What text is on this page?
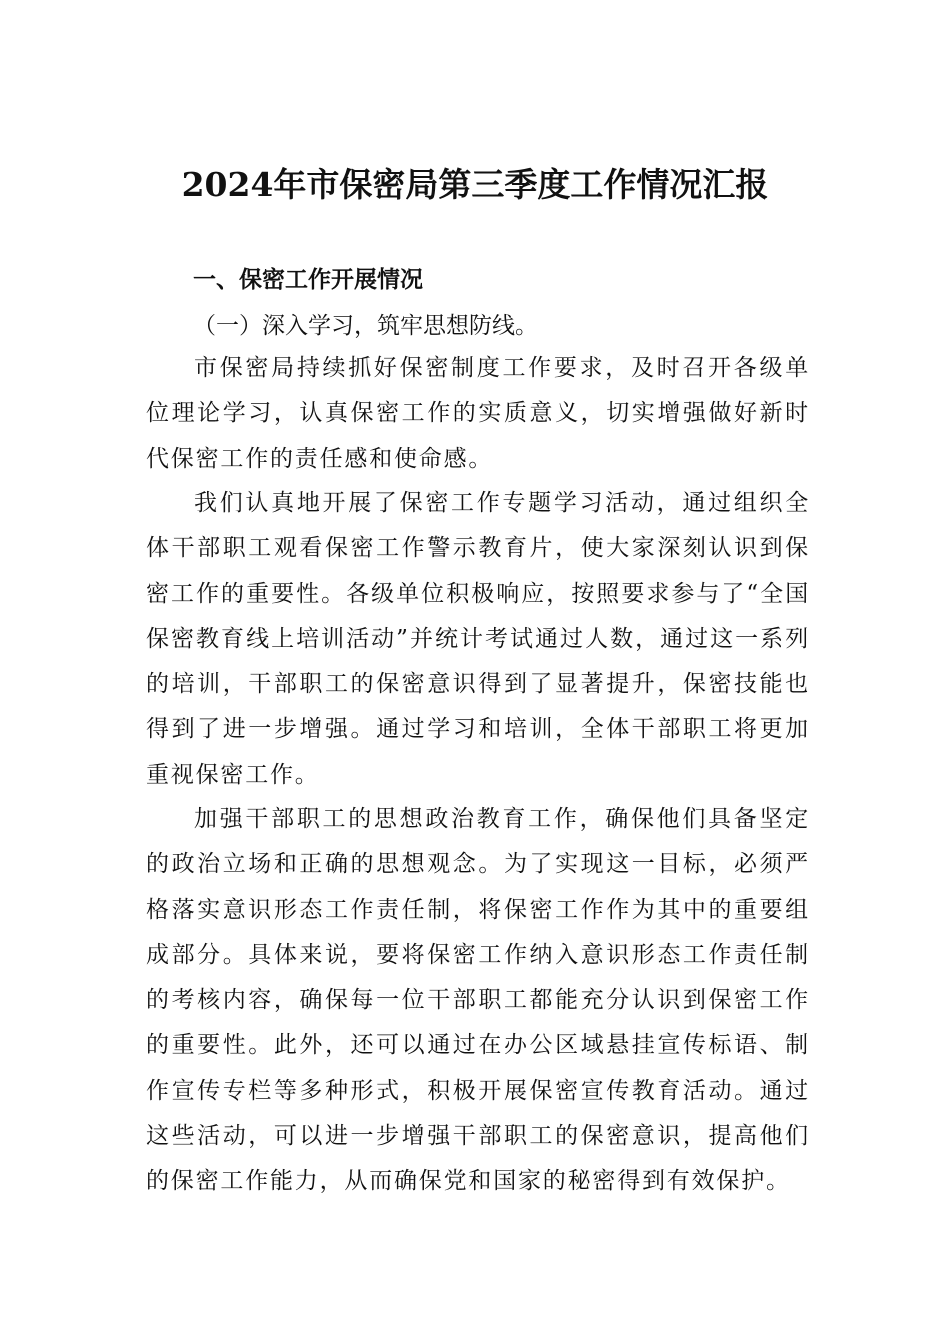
2024年市保密局第三季度工作情况汇报
一、保密工作开展情况
（一）深入学习，筑牢思想防线。

市保密局持续抓好保密制度工作要求，及时召开各级单位理论学习，认真保密工作的实质意义，切实增强做好新时代保密工作的责任感和使命感。

我们认真地开展了保密工作专题学习活动，通过组织全体干部职工观看保密工作警示教育片，使大家深刻认识到保密工作的重要性。各级单位积极响应，按照要求参与了“全国保密教育线上培训活动”并统计考试通过人数，通过这一系列的培训，干部职工的保密意识得到了显著提升，保密技能也得到了进一步增强。通过学习和培训，全体干部职工将更加重视保密工作。

加强干部职工的思想政治教育工作，确保他们具备坚定的政治立场和正确的思想观念。为了实现这一目标，必须严格落实意识形态工作责任制，将保密工作作为其中的重要组成部分。具体来说，要将保密工作纳入意识形态工作责任制的考核内容，确保每一位干部职工都能充分认识到保密工作的重要性。此外，还可以通过在办公区域悬挂宣传标语、制作宣传专栏等多种形式，积极开展保密宣传教育活动。通过这些活动，可以进一步增强干部职工的保密意识，提高他们的保密工作能力，从而确保党和国家的秘密得到有效保护。
